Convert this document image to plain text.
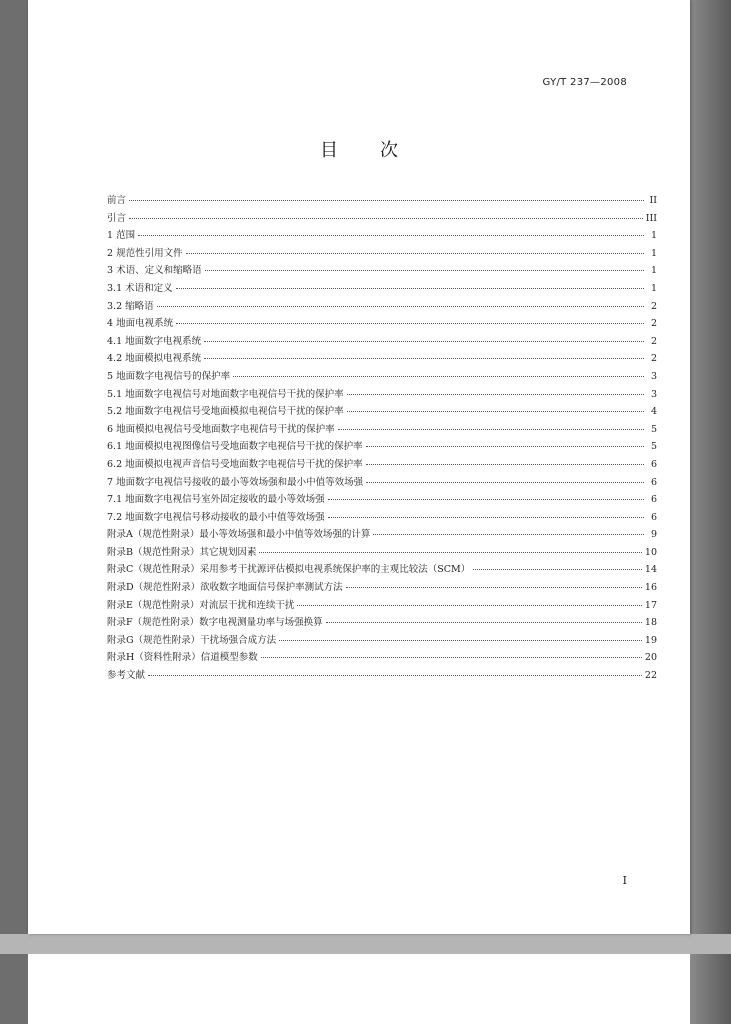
GY/T 237—2008
目次
前言	II
引言	III
1 范围	1
2 规范性引用文件	1
3 术语、定义和缩略语	1
3.1 术语和定义	1
3.2 缩略语	2
4 地面电视系统	2
4.1 地面数字电视系统	2
4.2 地面模拟电视系统	2
5 地面数字电视信号的保护率	3
5.1 地面数字电视信号对地面数字电视信号干扰的保护率	3
5.2 地面数字电视信号受地面模拟电视信号干扰的保护率	4
6 地面模拟电视信号受地面数字电视信号干扰的保护率	5
6.1 地面模拟电视图像信号受地面数字电视信号干扰的保护率	5
6.2 地面模拟电视声音信号受地面数字电视信号干扰的保护率	6
7 地面数字电视信号接收的最小等效场强和最小中值等效场强	6
7.1 地面数字电视信号室外固定接收的最小等效场强	6
7.2 地面数字电视信号移动接收的最小中值等效场强	6
附录A（规范性附录）最小等效场强和最小中值等效场强的计算	9
附录B（规范性附录）其它规划因素	10
附录C（规范性附录）采用参考干扰源评估模拟电视系统保护率的主观比较法（SCM）	14
附录D（规范性附录）欲收数字地面信号保护率测试方法	16
附录E（规范性附录）对流层干扰和连续干扰	17
附录F（规范性附录）数字电视测量功率与场强换算	18
附录G（规范性附录）干扰场强合成方法	19
附录H（资料性附录）信道模型参数	20
参考文献	22
I
